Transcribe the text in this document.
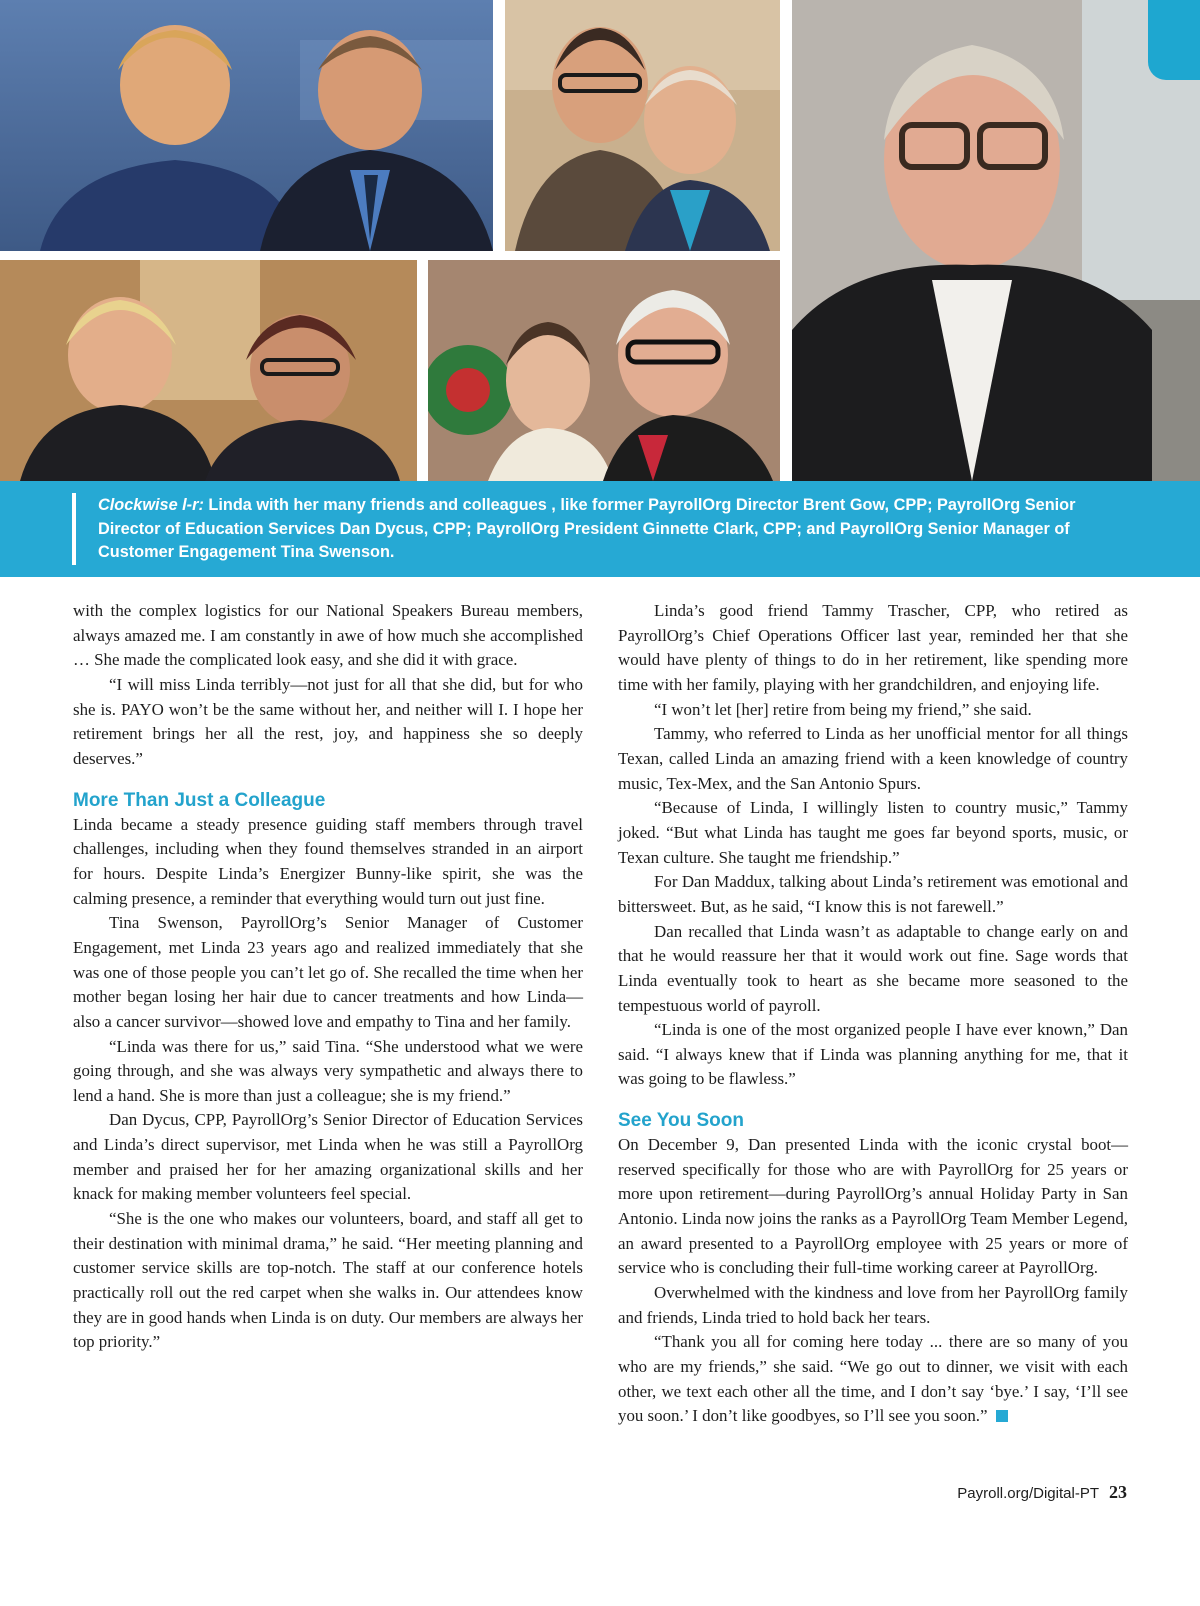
Clockwise l-r: Linda with her many friends and colleagues , like former PayrollOrg Director Brent Gow, CPP; PayrollOrg Senior Director of Education Services Dan Dycus, CPP; PayrollOrg President Ginnette Clark, CPP; and PayrollOrg Senior Manager of Customer Engagement Tina Swenson.

with the complex logistics for our National Speakers Bureau members, always amazed me. I am constantly in awe of how much she accomplished … She made the complicated look easy, and she did it with grace.

“I will miss Linda terribly—not just for all that she did, but for who she is. PAYO won’t be the same without her, and neither will I. I hope her retirement brings her all the rest, joy, and happiness she so deeply deserves.”

More Than Just a Colleague

Linda became a steady presence guiding staff members through travel challenges, including when they found themselves stranded in an airport for hours. Despite Linda’s Energizer Bunny-like spirit, she was the calming presence, a reminder that everything would turn out just fine.

Tina Swenson, PayrollOrg’s Senior Manager of Customer Engagement, met Linda 23 years ago and realized immediately that she was one of those people you can’t let go of. She recalled the time when her mother began losing her hair due to cancer treatments and how Linda—also a cancer survivor—showed love and empathy to Tina and her family.

“Linda was there for us,” said Tina. “She understood what we were going through, and she was always very sympathetic and always there to lend a hand. She is more than just a colleague; she is my friend.”

Dan Dycus, CPP, PayrollOrg’s Senior Director of Education Services and Linda’s direct supervisor, met Linda when he was still a PayrollOrg member and praised her for her amazing organizational skills and her knack for making member volunteers feel special.

“She is the one who makes our volunteers, board, and staff all get to their destination with minimal drama,” he said. “Her meeting planning and customer service skills are top-notch. The staff at our conference hotels practically roll out the red carpet when she walks in. Our attendees know they are in good hands when Linda is on duty. Our members are always her top priority.”

Linda’s good friend Tammy Trascher, CPP, who retired as PayrollOrg’s Chief Operations Officer last year, reminded her that she would have plenty of things to do in her retirement, like spending more time with her family, playing with her grandchildren, and enjoying life.

“I won’t let [her] retire from being my friend,” she said.

Tammy, who referred to Linda as her unofficial mentor for all things Texan, called Linda an amazing friend with a keen knowledge of country music, Tex-Mex, and the San Antonio Spurs.

“Because of Linda, I willingly listen to country music,” Tammy joked. “But what Linda has taught me goes far beyond sports, music, or Texan culture. She taught me friendship.”

For Dan Maddux, talking about Linda’s retirement was emotional and bittersweet. But, as he said, “I know this is not farewell.”

Dan recalled that Linda wasn’t as adaptable to change early on and that he would reassure her that it would work out fine. Sage words that Linda eventually took to heart as she became more seasoned to the tempestuous world of payroll.

“Linda is one of the most organized people I have ever known,” Dan said. “I always knew that if Linda was planning anything for me, that it was going to be flawless.”

See You Soon

On December 9, Dan presented Linda with the iconic crystal boot—reserved specifically for those who are with PayrollOrg for 25 years or more upon retirement—during PayrollOrg’s annual Holiday Party in San Antonio. Linda now joins the ranks as a PayrollOrg Team Member Legend, an award presented to a PayrollOrg employee with 25 years or more of service who is concluding their full-time working career at PayrollOrg.

Overwhelmed with the kindness and love from her PayrollOrg family and friends, Linda tried to hold back her tears.

“Thank you all for coming here today ... there are so many of you who are my friends,” she said. “We go out to dinner, we visit with each other, we text each other all the time, and I don’t say ‘bye.’ I say, ‘I’ll see you soon.’ I don’t like goodbyes, so I’ll see you soon.”

Payroll.org/Digital-PT 23
